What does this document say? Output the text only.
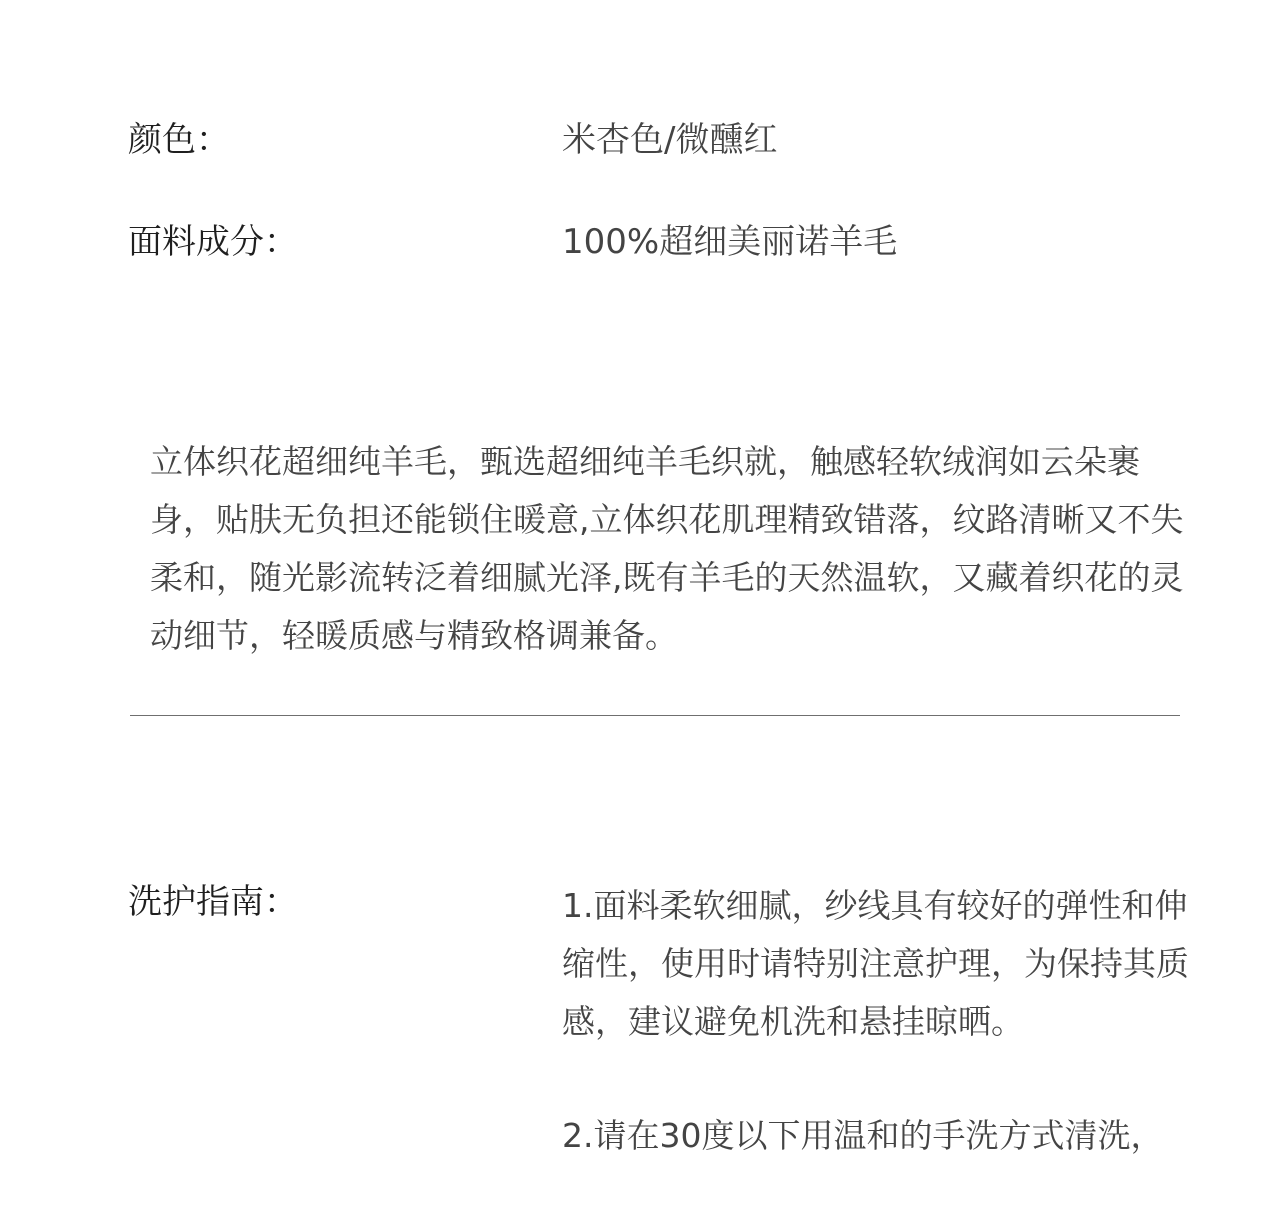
颜色：	米杏色/微醺红
面料成分：	100%超细美丽诺羊毛

立体织花超细纯羊毛，甄选超细纯羊毛织就，触感轻软绒润如云朵裹身，贴肤无负担还能锁住暖意,立体织花肌理精致错落，纹路清晰又不失柔和，随光影流转泛着细腻光泽,既有羊毛的天然温软，又藏着织花的灵动细节，轻暖质感与精致格调兼备。

洗护指南：	1.面料柔软细腻，纱线具有较好的弹性和伸缩性，使用时请特别注意护理，为保持其质感，建议避免机洗和悬挂晾晒。

2.请在30度以下用温和的手洗方式清洗，
